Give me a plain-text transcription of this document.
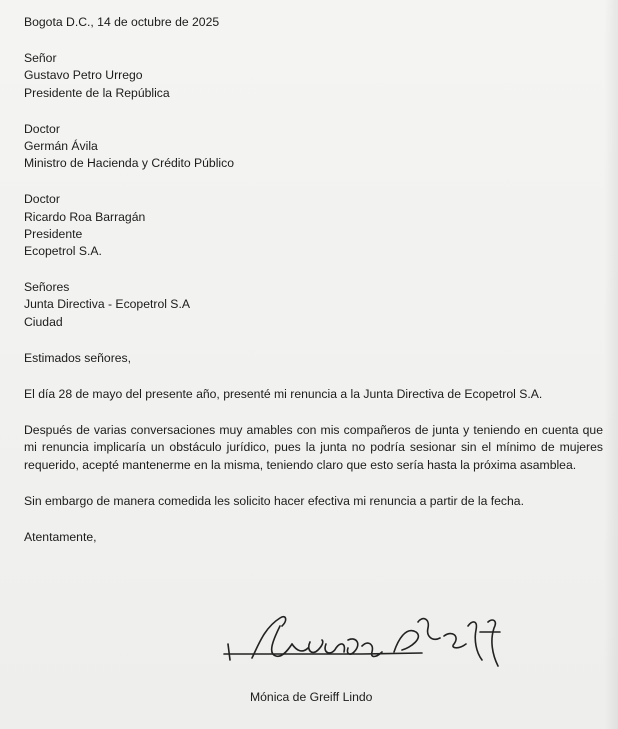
Bogota D.C., 14 de octubre de 2025
Señor
Gustavo Petro Urrego
Presidente de la República
Doctor
Germán Ávila
Ministro de Hacienda y Crédito Público
Doctor
Ricardo Roa Barragán
Presidente
Ecopetrol S.A.
Señores
Junta Directiva - Ecopetrol S.A
Ciudad
Estimados señores,
El día 28 de mayo del presente año, presenté mi renuncia a la Junta Directiva de Ecopetrol S.A.
Después de varias conversaciones muy amables con mis compañeros de junta y teniendo en cuenta que mi renuncia implicaría un obstáculo jurídico, pues la junta no podría sesionar sin el mínimo de mujeres requerido, acepté mantenerme en la misma, teniendo claro que esto sería hasta la próxima asamblea.
Sin embargo de manera comedida les solicito hacer efectiva mi renuncia a partir de la fecha.
Atentamente,
Mónica de Greiff Lindo
